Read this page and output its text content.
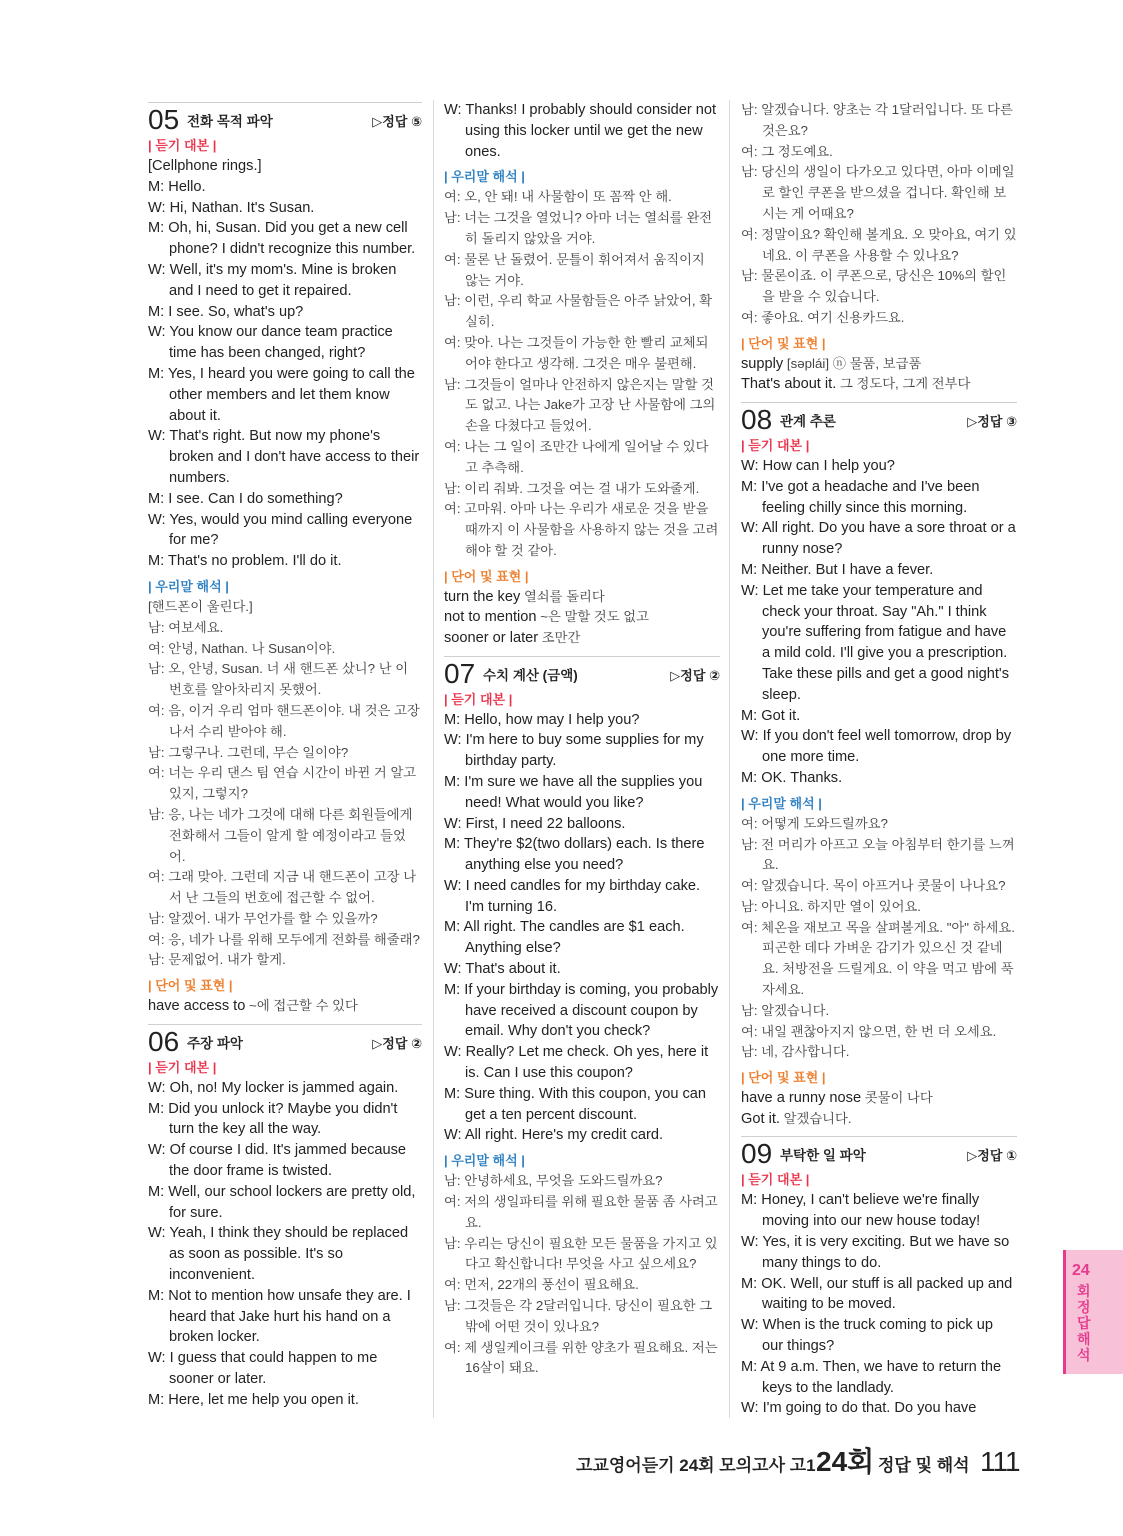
05 전화 목적 파악	▷정답 ⑤
| 듣기 대본 |

[Cellphone rings.]

M: Hello.

W: Hi, Nathan. It's Susan.

M: Oh, hi, Susan. Did you get a new cell phone? I didn't recognize this number.

W: Well, it's my mom's. Mine is broken and I need to get it repaired.

M: I see. So, what's up?

W: You know our dance team practice time has been changed, right?

M: Yes, I heard you were going to call the other members and let them know about it.

W: That's right. But now my phone's broken and I don't have access to their numbers.

M: I see. Can I do something?

W: Yes, would you mind calling everyone for me?

M: That's no problem. I'll do it.

| 우리말 해석 |

[핸드폰이 울린다.]

남: 여보세요.

여: 안녕, Nathan. 나 Susan이야.

남: 오, 안녕, Susan. 너 새 핸드폰 샀니? 난 이 번호를 알아차리지 못했어.

여: 음, 이거 우리 엄마 핸드폰이야. 내 것은 고장 나서 수리 받아야 해.

남: 그렇구나. 그런데, 무슨 일이야?

여: 너는 우리 댄스 팀 연습 시간이 바뀐 거 알고 있지, 그렇지?

남: 응, 나는 네가 그것에 대해 다른 회원들에게 전화해서 그들이 알게 할 예정이라고 들었어.

여: 그래 맞아. 그런데 지금 내 핸드폰이 고장 나서 난 그들의 번호에 접근할 수 없어.

남: 알겠어. 내가 무언가를 할 수 있을까?

여: 응, 네가 나를 위해 모두에게 전화를 해줄래?

남: 문제없어. 내가 할게.

| 단어 및 표현 |

have access to ~에 접근할 수 있다

06 주장 파악	▷정답 ②
| 듣기 대본 |

W: Oh, no! My locker is jammed again.

M: Did you unlock it? Maybe you didn't turn the key all the way.

W: Of course I did. It's jammed because the door frame is twisted.

M: Well, our school lockers are pretty old, for sure.

W: Yeah, I think they should be replaced as soon as possible. It's so inconvenient.

M: Not to mention how unsafe they are. I heard that Jake hurt his hand on a broken locker.

W: I guess that could happen to me sooner or later.

M: Here, let me help you open it.

W: Thanks! I probably should consider not using this locker until we get the new ones.

| 우리말 해석 |

여: 오, 안 돼! 내 사물함이 또 꼼짝 안 해.

남: 너는 그것을 열었니? 아마 너는 열쇠를 완전히 돌리지 않았을 거야.

여: 물론 난 돌렸어. 문틀이 휘어져서 움직이지 않는 거야.

남: 이런, 우리 학교 사물함들은 아주 낡았어, 확실히.

여: 맞아. 나는 그것들이 가능한 한 빨리 교체되어야 한다고 생각해. 그것은 매우 불편해.

남: 그것들이 얼마나 안전하지 않은지는 말할 것도 없고. 나는 Jake가 고장 난 사물함에 그의 손을 다쳤다고 들었어.

여: 나는 그 일이 조만간 나에게 일어날 수 있다고 추측해.

남: 이리 줘봐. 그것을 여는 걸 내가 도와줄게.

여: 고마워. 아마 나는 우리가 새로운 것을 받을 때까지 이 사물함을 사용하지 않는 것을 고려해야 할 것 같아.

| 단어 및 표현 |

turn the key 열쇠를 돌리다

not to mention ~은 말할 것도 없고

sooner or later 조만간

07 수치 계산 (금액)	▷정답 ②
| 듣기 대본 |

M: Hello, how may I help you?

W: I'm here to buy some supplies for my birthday party.

M: I'm sure we have all the supplies you need! What would you like?

W: First, I need 22 balloons.

M: They're $2(two dollars) each. Is there anything else you need?

W: I need candles for my birthday cake. I'm turning 16.

M: All right. The candles are $1 each. Anything else?

W: That's about it.

M: If your birthday is coming, you probably have received a discount coupon by email. Why don't you check?

W: Really? Let me check. Oh yes, here it is. Can I use this coupon?

M: Sure thing. With this coupon, you can get a ten percent discount.

W: All right. Here's my credit card.

| 우리말 해석 |

남: 안녕하세요, 무엇을 도와드릴까요?

여: 저의 생일파티를 위해 필요한 물품 좀 사려고요.

남: 우리는 당신이 필요한 모든 물품을 가지고 있다고 확신합니다! 무엇을 사고 싶으세요?

여: 먼저, 22개의 풍선이 필요해요.

남: 그것들은 각 2달러입니다. 당신이 필요한 그 밖에 어떤 것이 있나요?

여: 제 생일케이크를 위한 양초가 필요해요. 저는 16살이 돼요.

남: 알겠습니다. 양초는 각 1달러입니다. 또 다른 것은요?

여: 그 정도예요.

남: 당신의 생일이 다가오고 있다면, 아마 이메일로 할인 쿠폰을 받으셨을 겁니다. 확인해 보시는 게 어때요?

여: 정말이요? 확인해 볼게요. 오 맞아요, 여기 있네요. 이 쿠폰을 사용할 수 있나요?

남: 물론이죠. 이 쿠폰으로, 당신은 10%의 할인을 받을 수 있습니다.

여: 좋아요. 여기 신용카드요.

| 단어 및 표현 |

supply [səplái] ⓝ 물품, 보급품

That's about it. 그 정도다, 그게 전부다

08 관계 추론	▷정답 ③
| 듣기 대본 |

W: How can I help you?

M: I've got a headache and I've been feeling chilly since this morning.

W: All right. Do you have a sore throat or a runny nose?

M: Neither. But I have a fever.

W: Let me take your temperature and check your throat. Say "Ah." I think you're suffering from fatigue and have a mild cold. I'll give you a prescription. Take these pills and get a good night's sleep.

M: Got it.

W: If you don't feel well tomorrow, drop by one more time.

M: OK. Thanks.

| 우리말 해석 |

여: 어떻게 도와드릴까요?

남: 전 머리가 아프고 오늘 아침부터 한기를 느껴요.

여: 알겠습니다. 목이 아프거나 콧물이 나나요?

남: 아니요. 하지만 열이 있어요.

여: 체온을 재보고 목을 살펴볼게요. "아" 하세요. 피곤한 데다 가벼운 감기가 있으신 것 같네요. 처방전을 드릴게요. 이 약을 먹고 밤에 푹 자세요.

남: 알겠습니다.

여: 내일 괜찮아지지 않으면, 한 번 더 오세요.

남: 네, 감사합니다.

| 단어 및 표현 |

have a runny nose 콧물이 나다

Got it. 알겠습니다.

09 부탁한 일 파악	▷정답 ①
| 듣기 대본 |

M: Honey, I can't believe we're finally moving into our new house today!

W: Yes, it is very exciting. But we have so many things to do.

M: OK. Well, our stuff is all packed up and waiting to be moved.

W: When is the truck coming to pick up our things?

M: At 9 a.m. Then, we have to return the keys to the landlady.

W: I'm going to do that. Do you have

24
회정답해석
고교영어듣기 24회 모의고사 고1 24회 정답 및 해석 111
